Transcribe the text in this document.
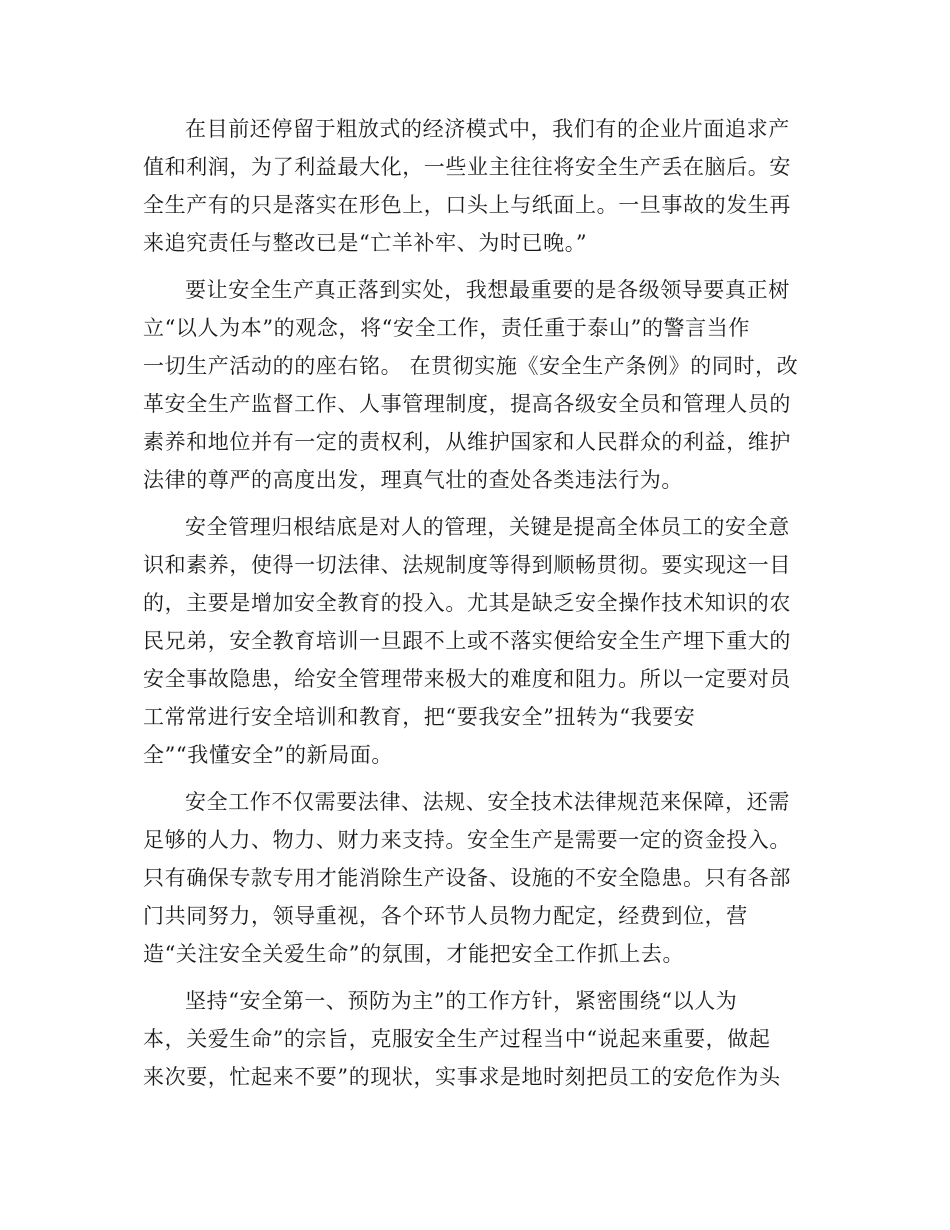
在目前还停留于粗放式的经济模式中，我们有的企业片面追求产
值和利润，为了利益最大化，一些业主往往将安全生产丢在脑后。安
全生产有的只是落实在形色上，口头上与纸面上。一旦事故的发生再
来追究责任与整改已是“亡羊补牢、为时已晚。”
要让安全生产真正落到实处，我想最重要的是各级领导要真正树
立“以人为本”的观念，将“安全工作，责任重于泰山”的警言当作
一切生产活动的的座右铭。 在贯彻实施《安全生产条例》的同时，改
革安全生产监督工作、人事管理制度，提高各级安全员和管理人员的
素养和地位并有一定的责权利，从维护国家和人民群众的利益，维护
法律的尊严的高度出发，理真气壮的查处各类违法行为。
安全管理归根结底是对人的管理，关键是提高全体员工的安全意
识和素养，使得一切法律、法规制度等得到顺畅贯彻。要实现这一目
的，主要是增加安全教育的投入。尤其是缺乏安全操作技术知识的农
民兄弟，安全教育培训一旦跟不上或不落实便给安全生产埋下重大的
安全事故隐患，给安全管理带来极大的难度和阻力。所以一定要对员
工常常进行安全培训和教育，把“要我安全”扭转为“我要安
全”“我懂安全”的新局面。
安全工作不仅需要法律、法规、安全技术法律规范来保障，还需
足够的人力、物力、财力来支持。安全生产是需要一定的资金投入。
只有确保专款专用才能消除生产设备、设施的不安全隐患。只有各部
门共同努力，领导重视，各个环节人员物力配定，经费到位，营
造“关注安全关爱生命”的氛围，才能把安全工作抓上去。
坚持“安全第一、预防为主”的工作方针，紧密围绕“以人为
本，关爱生命”的宗旨，克服安全生产过程当中“说起来重要，做起
来次要，忙起来不要”的现状，实事求是地时刻把员工的安危作为头
